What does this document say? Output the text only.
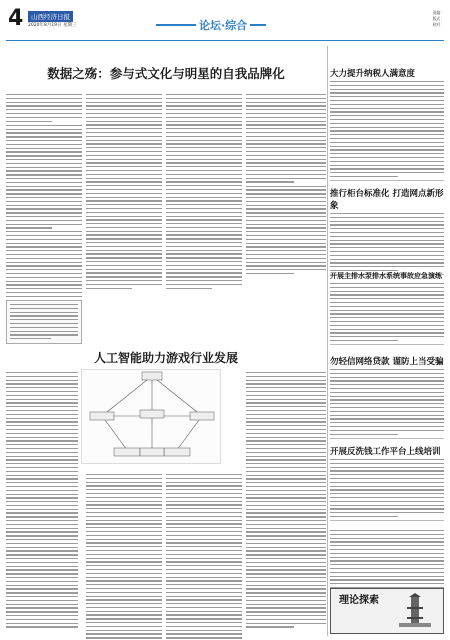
4	山西经济日报
2020年8月19日 星期三	论坛·综合
责编：
版式：
校对：
数据之殇：参与式文化与明星的自我品牌化
人工智能助力游戏行业发展
大力提升纳税人满意度
推行柜台标准化 打造网点新形象
开展主排水泵排水系统事故应急演练
勿轻信网络贷款 谨防上当受骗
开展反洗钱工作平台上线培训
理论探索
